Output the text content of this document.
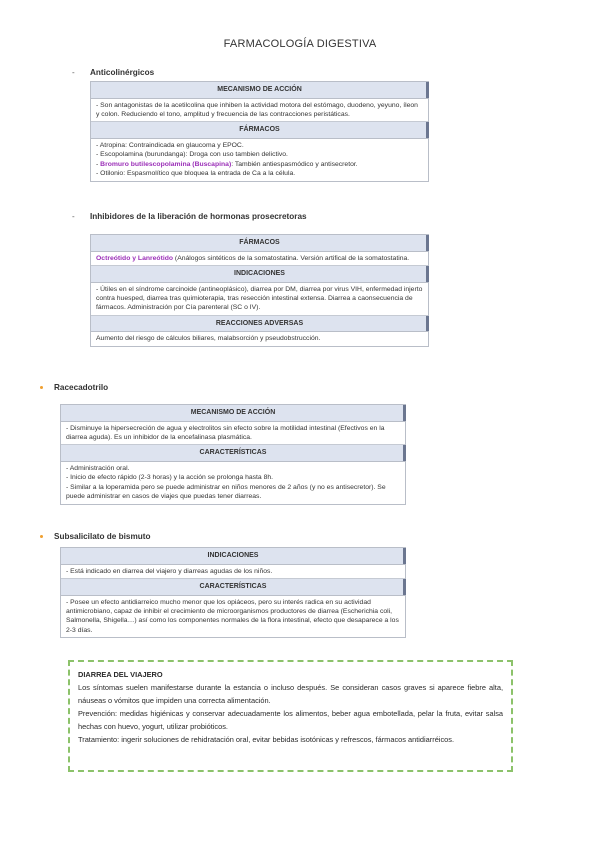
FARMACOLOGÍA DIGESTIVA
- Anticolinérgicos
MECANISMO DE ACCIÓN
- Son antagonistas de la acetilcolina que inhiben la actividad motora del estómago, duodeno, yeyuno, íleon y colon. Reduciendo el tono, amplitud y frecuencia de las contracciones peristáticas.
FÁRMACOS
- Atropina: Contraindicada en glaucoma y EPOC.
- Escopolamina (burundanga): Droga con uso tambien delictivo.
- Bromuro butilescopolamina (Buscapina): También antiespasmódico y antisecretor.
- Otilonio: Espasmolítico que bloquea la entrada de Ca a la célula.
- Inhibidores de la liberación de hormonas prosecretoras
FÁRMACOS
Octreótido y Lanreótido (Análogos sintéticos de la somatostatina. Versión artifical de la somatostatina.
INDICACIONES
- Útiles en el síndrome carcinoide (antineoplásico), diarrea por DM, diarrea por virus VIH, enfermedad injerto contra huesped, diarrea tras quimioterapia, tras resección intestinal extensa. Diarrea a caonsecuencia de fármacos. Administración por Cía parenteral (SC o IV).
REACCIONES ADVERSAS
Aumento del riesgo de cálculos biliares, malabsorción y pseudobstrucción.
Racecadotrilo
MECANISMO DE ACCIÓN
- Disminuye la hipersecreción de agua y electrolitos sin efecto sobre la motilidad intestinal (Efectivos en la diarrea aguda). Es un inhibidor de la encefalinasa plasmática.
CARACTERÍSTICAS
- Administración oral.
- Inicio de efecto rápido (2-3 horas) y la acción se prolonga hasta 8h.
- Similar a la loperamida pero se puede administrar en niños menores de 2 años (y no es antisecretor). Se puede administrar en casos de viajes que puedas tener diarreas.
Subsalicilato de bismuto
INDICACIONES
- Está indicado en diarrea del viajero y diarreas agudas de los niños.
CARACTERÍSTICAS
- Posee un efecto antidiarreico mucho menor que los opiáceos, pero su interés radica en su actividad antimicrobiano, capaz de inhibir el crecimiento de microorganismos productores de diarrea (Escherichia coli, Salmonella, Shigella…) así como los componentes normales de la flora intestinal, efecto que desaparece a los 2-3 días.
DIARREA DEL VIAJERO

Los síntomas suelen manifestarse durante la estancia o incluso después. Se consideran casos graves si aparece fiebre alta, náuseas o vómitos que impiden una correcta alimentación.

Prevención: medidas higiénicas y conservar adecuadamente los alimentos, beber agua embotellada, pelar la fruta, evitar salsa hechas con huevo, yogurt, utilizar probióticos.

Tratamiento: ingerir soluciones de rehidratación oral, evitar bebidas isotónicas y refrescos, fármacos antidiarréicos.
